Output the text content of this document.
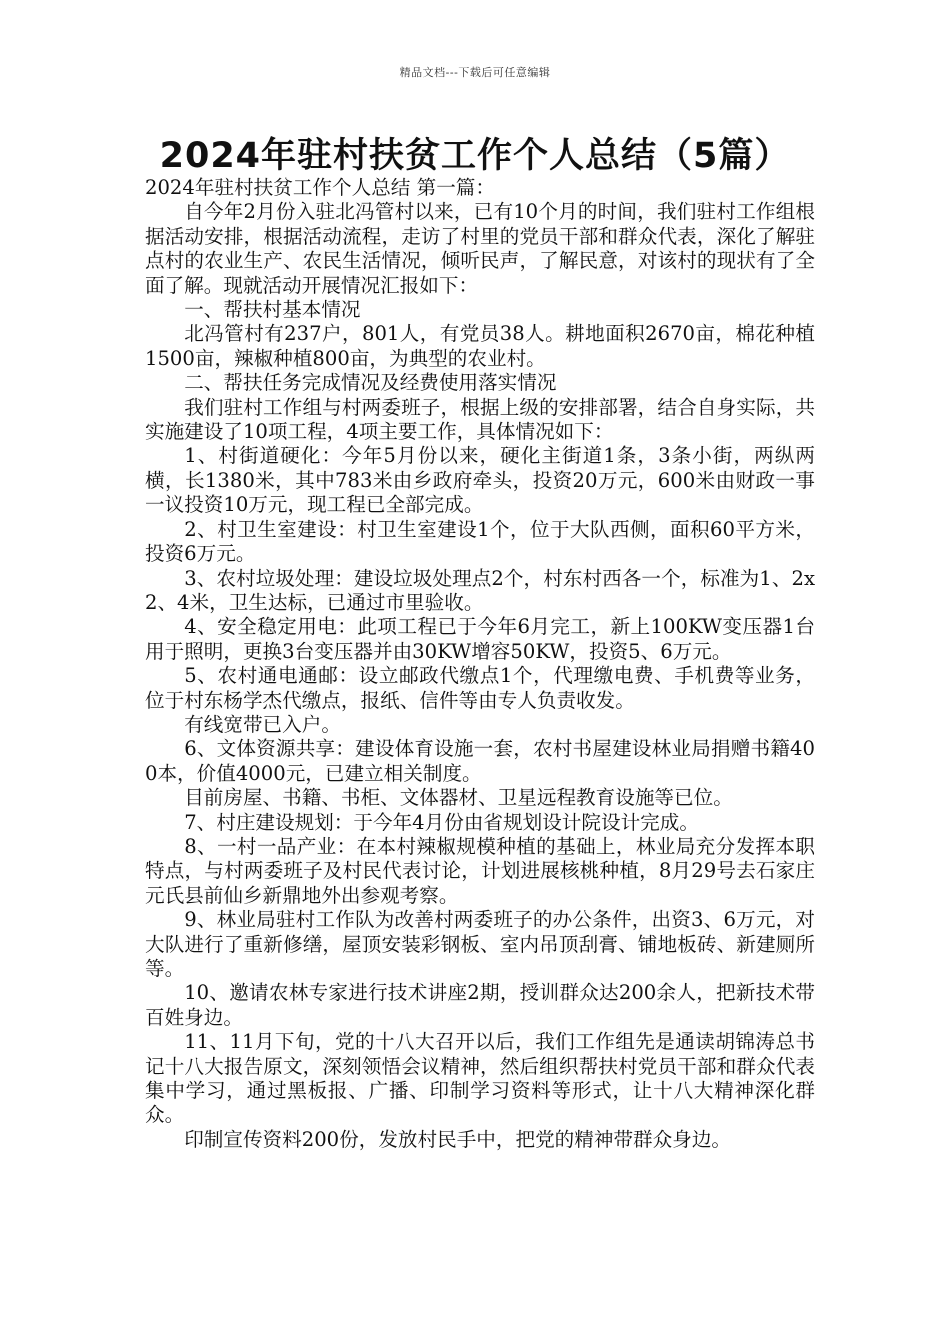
精品文档---下载后可任意编辑
2024年驻村扶贫工作个人总结（5篇）

2024年驻村扶贫工作个人总结 第一篇：

自今年2月份入驻北冯管村以来，已有10个月的时间，我们驻村工作组根据活动安排，根据活动流程，走访了村里的党员干部和群众代表，深化了解驻点村的农业生产、农民生活情况，倾听民声，了解民意，对该村的现状有了全面了解。现就活动开展情况汇报如下：

一、帮扶村基本情况

北冯管村有237户，801人，有党员38人。耕地面积2670亩，棉花种植1500亩，辣椒种植800亩，为典型的农业村。

二、帮扶任务完成情况及经费使用落实情况

我们驻村工作组与村两委班子，根据上级的安排部署，结合自身实际，共实施建设了10项工程，4项主要工作，具体情况如下：

1、村街道硬化：今年5月份以来，硬化主街道1条，3条小街，两纵两横，长1380米，其中783米由乡政府牵头，投资20万元，600米由财政一事一议投资10万元，现工程已全部完成。

2、村卫生室建设：村卫生室建设1个，位于大队西侧，面积60平方米，投资6万元。

3、农村垃圾处理：建设垃圾处理点2个，村东村西各一个，标准为1、2x2、4米，卫生达标，已通过市里验收。

4、安全稳定用电：此项工程已于今年6月完工，新上100KW变压器1台用于照明，更换3台变压器并由30KW增容50KW，投资5、6万元。

5、农村通电通邮：设立邮政代缴点1个，代理缴电费、手机费等业务，位于村东杨学杰代缴点，报纸、信件等由专人负责收发。

有线宽带已入户。

6、文体资源共享：建设体育设施一套，农村书屋建设林业局捐赠书籍400本，价值4000元，已建立相关制度。

目前房屋、书籍、书柜、文体器材、卫星远程教育设施等已位。

7、村庄建设规划：于今年4月份由省规划设计院设计完成。

8、一村一品产业：在本村辣椒规模种植的基础上，林业局充分发挥本职特点，与村两委班子及村民代表讨论，计划进展核桃种植，8月29号去石家庄元氏县前仙乡新鼎地外出参观考察。

9、林业局驻村工作队为改善村两委班子的办公条件，出资3、6万元，对大队进行了重新修缮，屋顶安装彩钢板、室内吊顶刮膏、铺地板砖、新建厕所等。

10、邀请农林专家进行技术讲座2期，授训群众达200余人，把新技术带百姓身边。

11、11月下旬，党的十八大召开以后，我们工作组先是通读胡锦涛总书记十八大报告原文，深刻领悟会议精神，然后组织帮扶村党员干部和群众代表集中学习，通过黑板报、广播、印制学习资料等形式，让十八大精神深化群众。

印制宣传资料200份，发放村民手中，把党的精神带群众身边。
